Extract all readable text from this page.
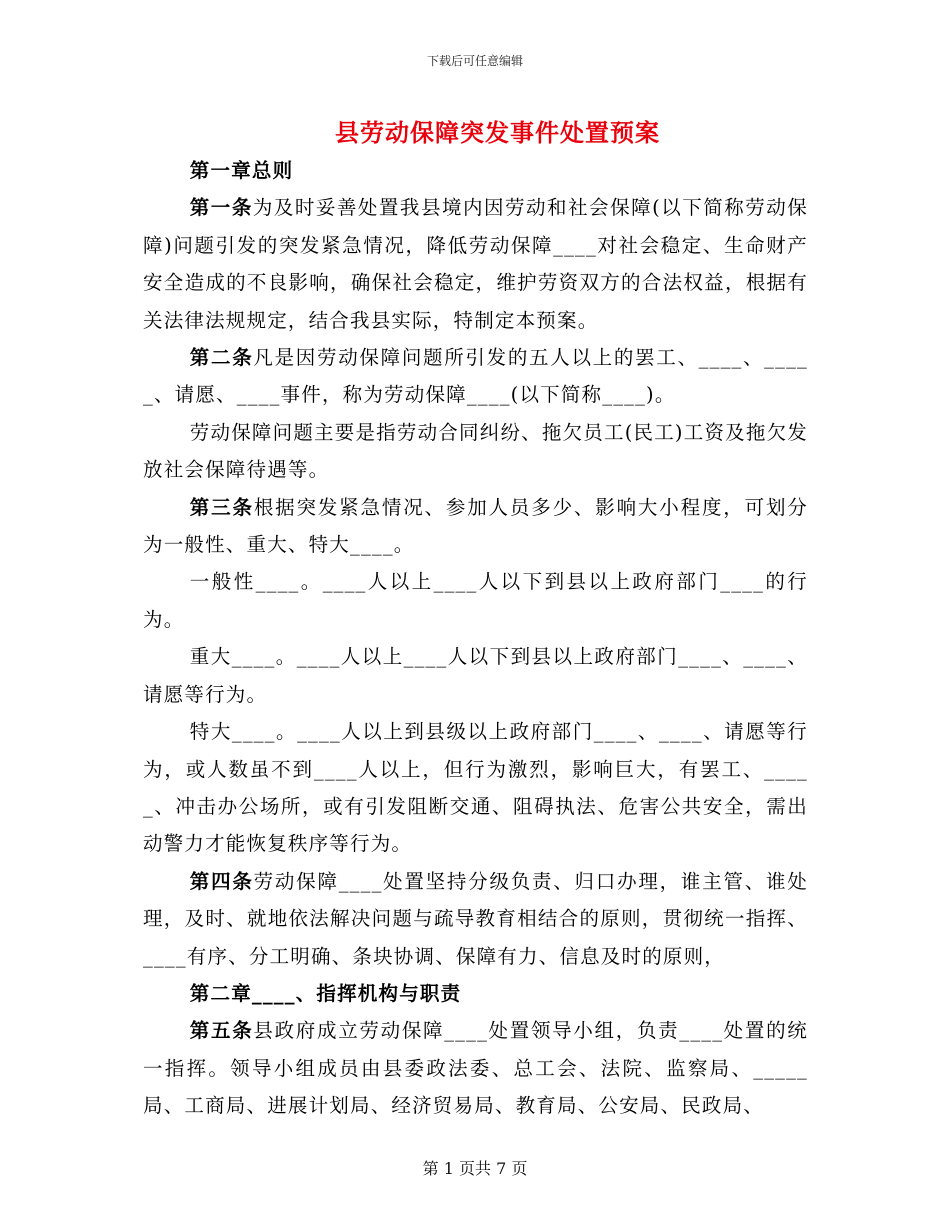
下载后可任意编辑
县劳动保障突发事件处置预案

第一章总则

第一条为及时妥善处置我县境内因劳动和社会保障(以下简称劳动保障)问题引发的突发紧急情况，降低劳动保障____对社会稳定、生命财产安全造成的不良影响，确保社会稳定，维护劳资双方的合法权益，根据有关法律法规规定，结合我县实际，特制定本预案。

第二条凡是因劳动保障问题所引发的五人以上的罢工、____、_____、请愿、____事件，称为劳动保障____(以下简称____)。

劳动保障问题主要是指劳动合同纠纷、拖欠员工(民工)工资及拖欠发放社会保障待遇等。

第三条根据突发紧急情况、参加人员多少、影响大小程度，可划分为一般性、重大、特大____。

一般性____。____人以上____人以下到县以上政府部门____的行为。

重大____。____人以上____人以下到县以上政府部门____、____、请愿等行为。

特大____。____人以上到县级以上政府部门____、____、请愿等行为，或人数虽不到____人以上，但行为激烈，影响巨大，有罢工、_____、冲击办公场所，或有引发阻断交通、阻碍执法、危害公共安全，需出动警力才能恢复秩序等行为。

第四条劳动保障____处置坚持分级负责、归口办理，谁主管、谁处理，及时、就地依法解决问题与疏导教育相结合的原则，贯彻统一指挥、____有序、分工明确、条块协调、保障有力、信息及时的原则，

第二章____、指挥机构与职责

第五条县政府成立劳动保障____处置领导小组，负责____处置的统一指挥。领导小组成员由县委政法委、总工会、法院、监察局、_____局、工商局、进展计划局、经济贸易局、教育局、公安局、民政局、

第 1 页共 7 页
